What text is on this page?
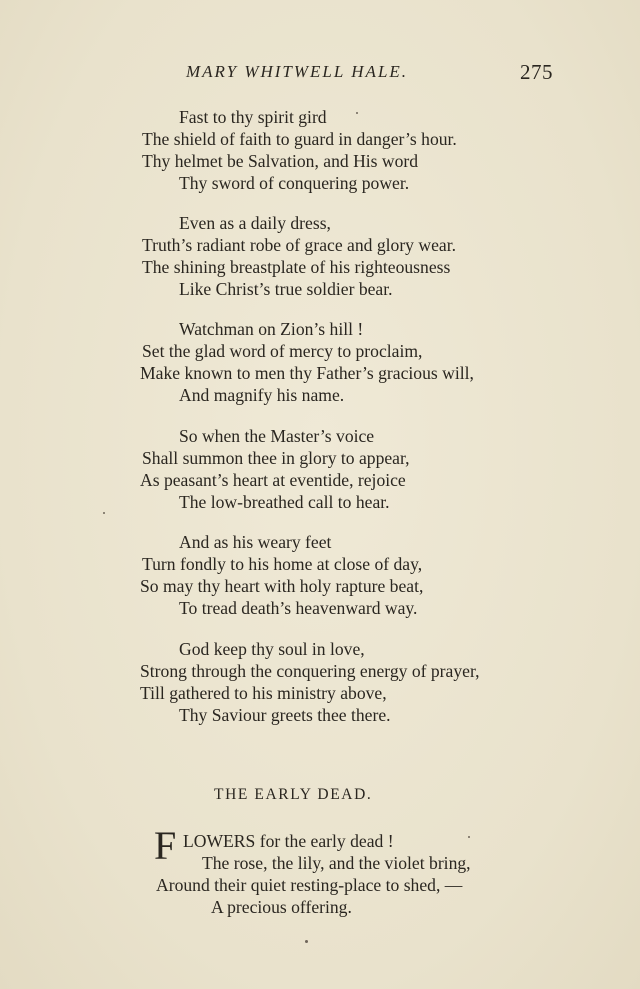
MARY WHITWELL HALE.	275
Fast to thy spirit gird
The shield of faith to guard in danger’s hour.
Thy helmet be Salvation, and His word
Thy sword of conquering power.
Even as a daily dress,
Truth’s radiant robe of grace and glory wear.
The shining breastplate of his righteousness
Like Christ’s true soldier bear.
Watchman on Zion’s hill !
Set the glad word of mercy to proclaim,
Make known to men thy Father’s gracious will,
And magnify his name.
So when the Master’s voice
Shall summon thee in glory to appear,
As peasant’s heart at eventide, rejoice
The low-breathed call to hear.
And as his weary feet
Turn fondly to his home at close of day,
So may thy heart with holy rapture beat,
To tread death’s heavenward way.
God keep thy soul in love,
Strong through the conquering energy of prayer,
Till gathered to his ministry above,
Thy Saviour greets thee there.
THE EARLY DEAD.
F LOWERS for the early dead !
The rose, the lily, and the violet bring,
Around their quiet resting-place to shed, —
A precious offering.
